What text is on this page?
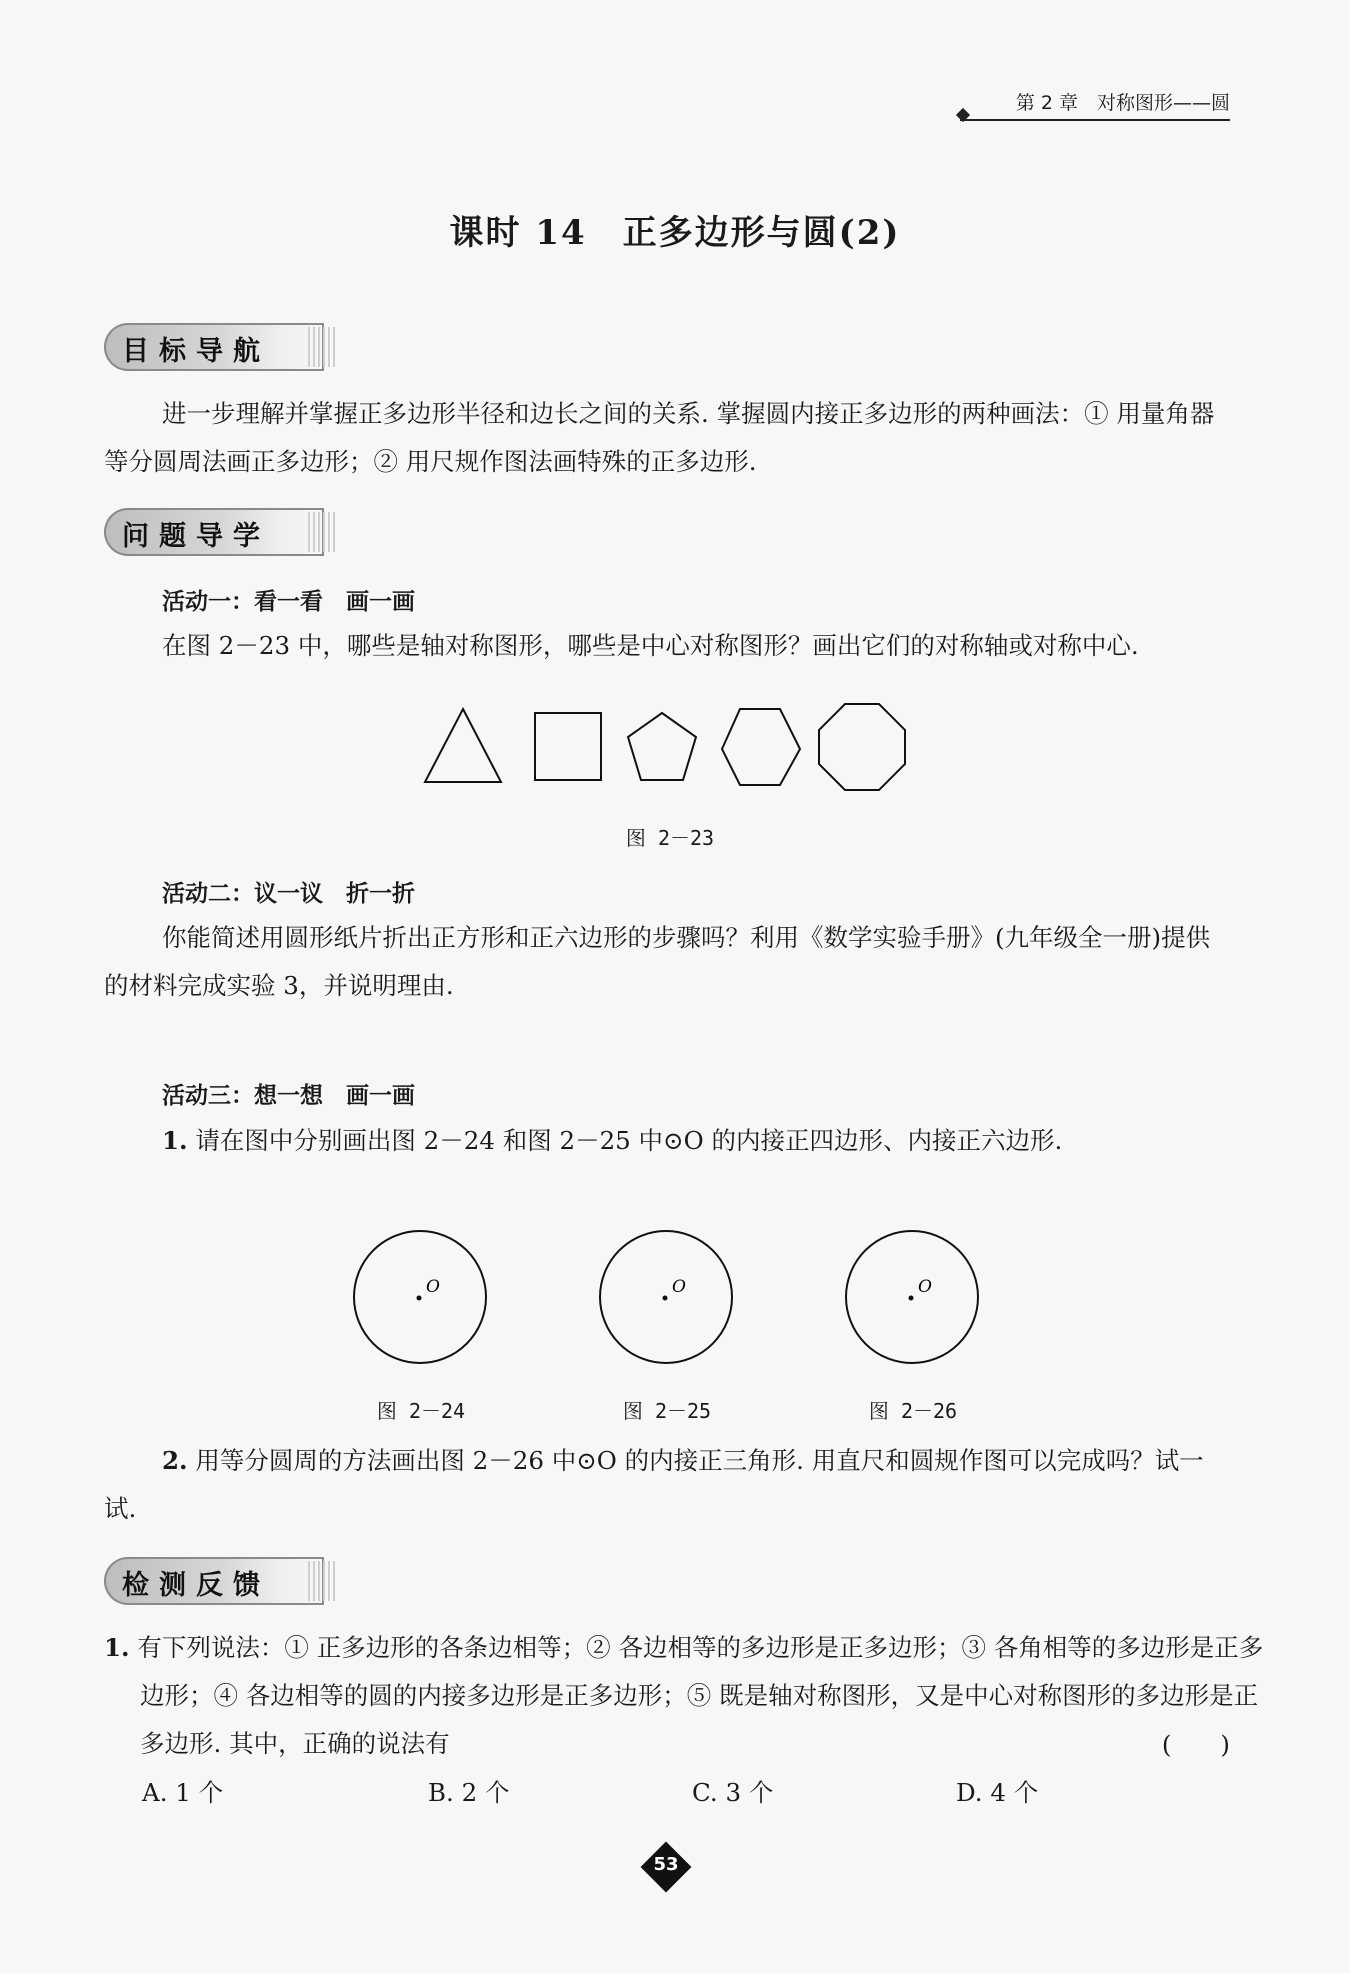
第 2 章　对称图形——圆
课时 14　正多边形与圆(2)
目标导航
进一步理解并掌握正多边形半径和边长之间的关系. 掌握圆内接正多边形的两种画法：① 用量角器等分圆周法画正多边形；② 用尺规作图法画特殊的正多边形.
问题导学
活动一：看一看　画一画
在图 2－23 中，哪些是轴对称图形，哪些是中心对称图形？画出它们的对称轴或对称中心.
图 2－23
活动二：议一议　折一折
你能简述用圆形纸片折出正方形和正六边形的步骤吗？利用《数学实验手册》(九年级全一册)提供的材料完成实验 3，并说明理由.
活动三：想一想　画一画
1. 请在图中分别画出图 2－24 和图 2－25 中⊙O 的内接正四边形、内接正六边形.
O	O	O
图 2－24	图 2－25	图 2－26
2. 用等分圆周的方法画出图 2－26 中⊙O 的内接正三角形. 用直尺和圆规作图可以完成吗？试一试.
检测反馈
1. 有下列说法：① 正多边形的各条边相等；② 各边相等的多边形是正多边形；③ 各角相等的多边形是正多边形；④ 各边相等的圆的内接多边形是正多边形；⑤ 既是轴对称图形，又是中心对称图形的多边形是正多边形. 其中，正确的说法有	(　　)
A. 1 个	B. 2 个	C. 3 个	D. 4 个
53
